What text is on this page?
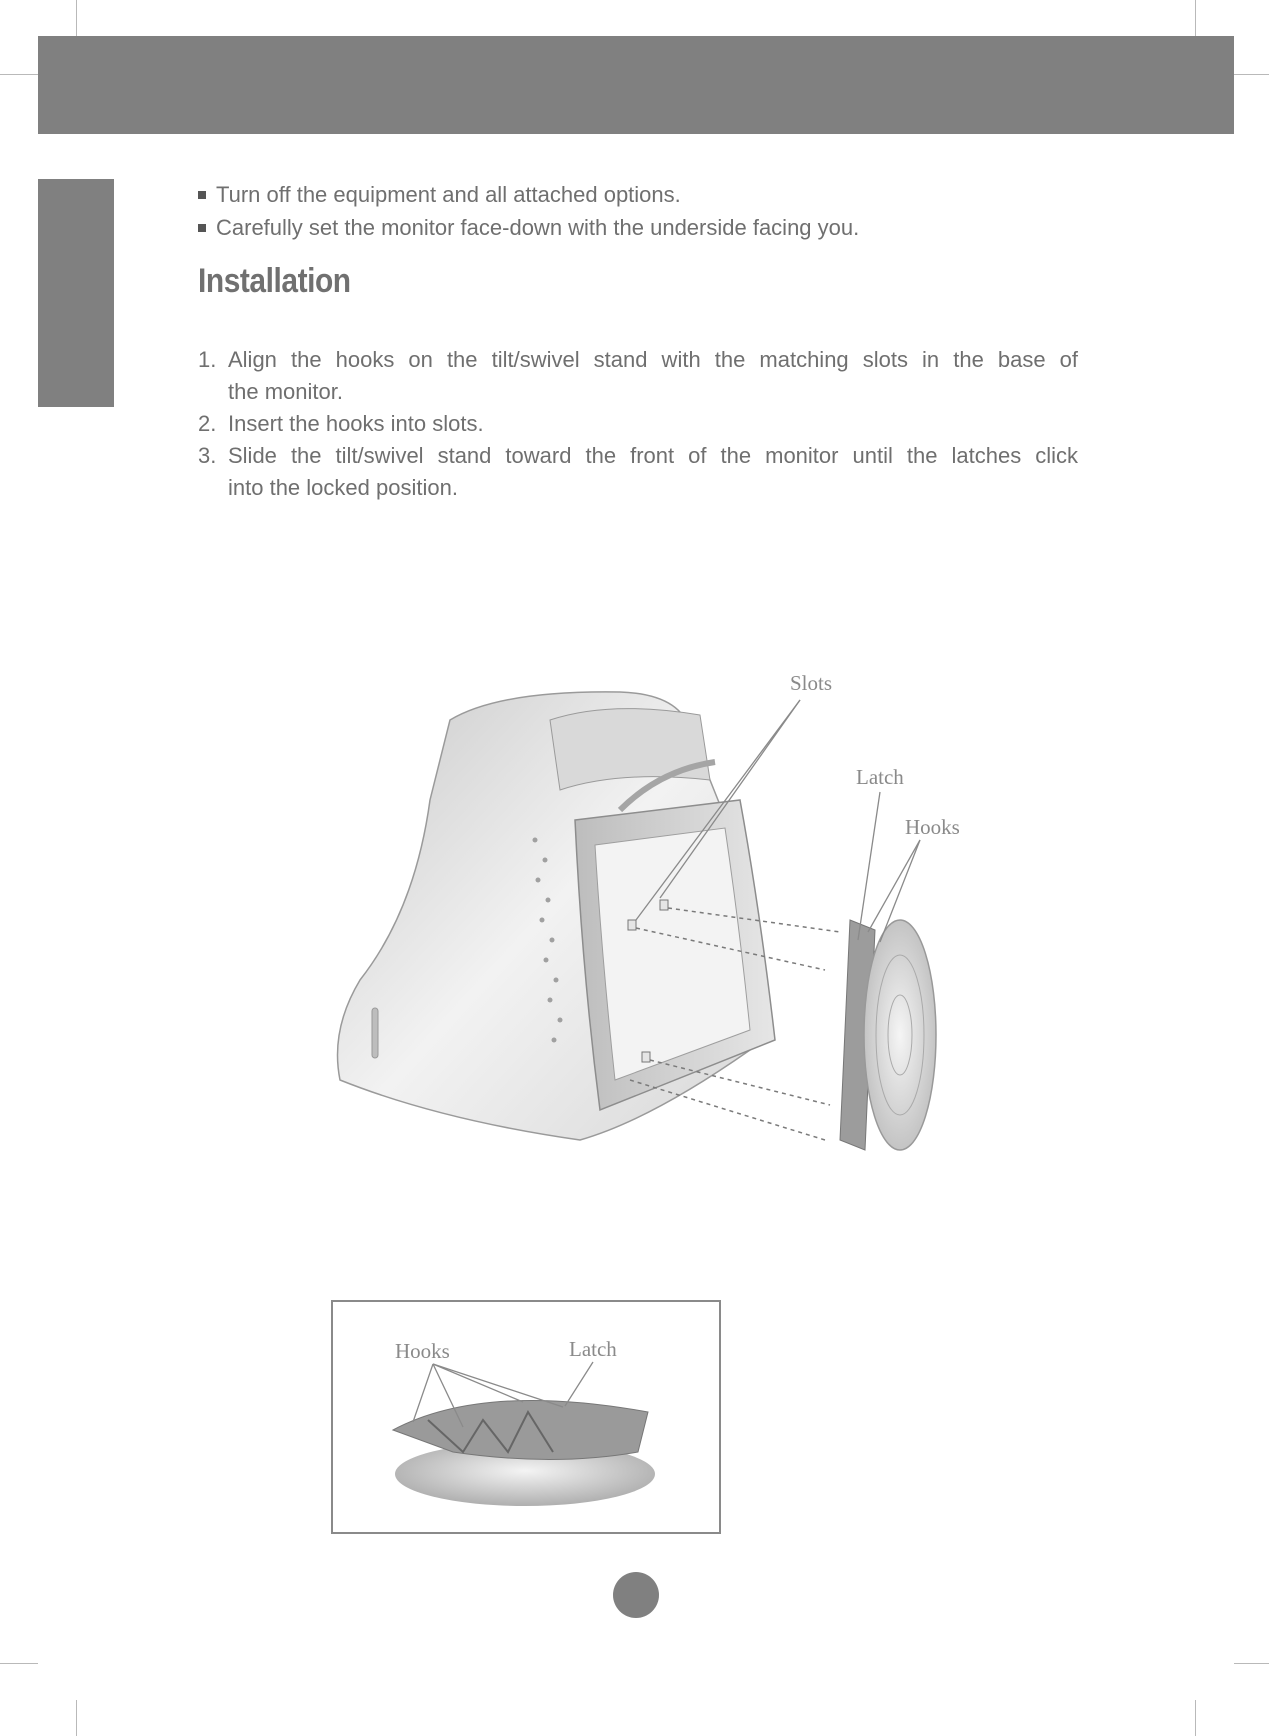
Turn off the equipment and all attached options.
Carefully set the monitor face-down with the underside facing you.
Installation
1. Align the hooks on the tilt/swivel stand with the matching slots in the base of
the monitor.
2. Insert the hooks into slots.
3. Slide the tilt/swivel stand toward the front of the monitor until the latches click
into the locked position.
Slots
Latch
Hooks
Hooks	Latch
